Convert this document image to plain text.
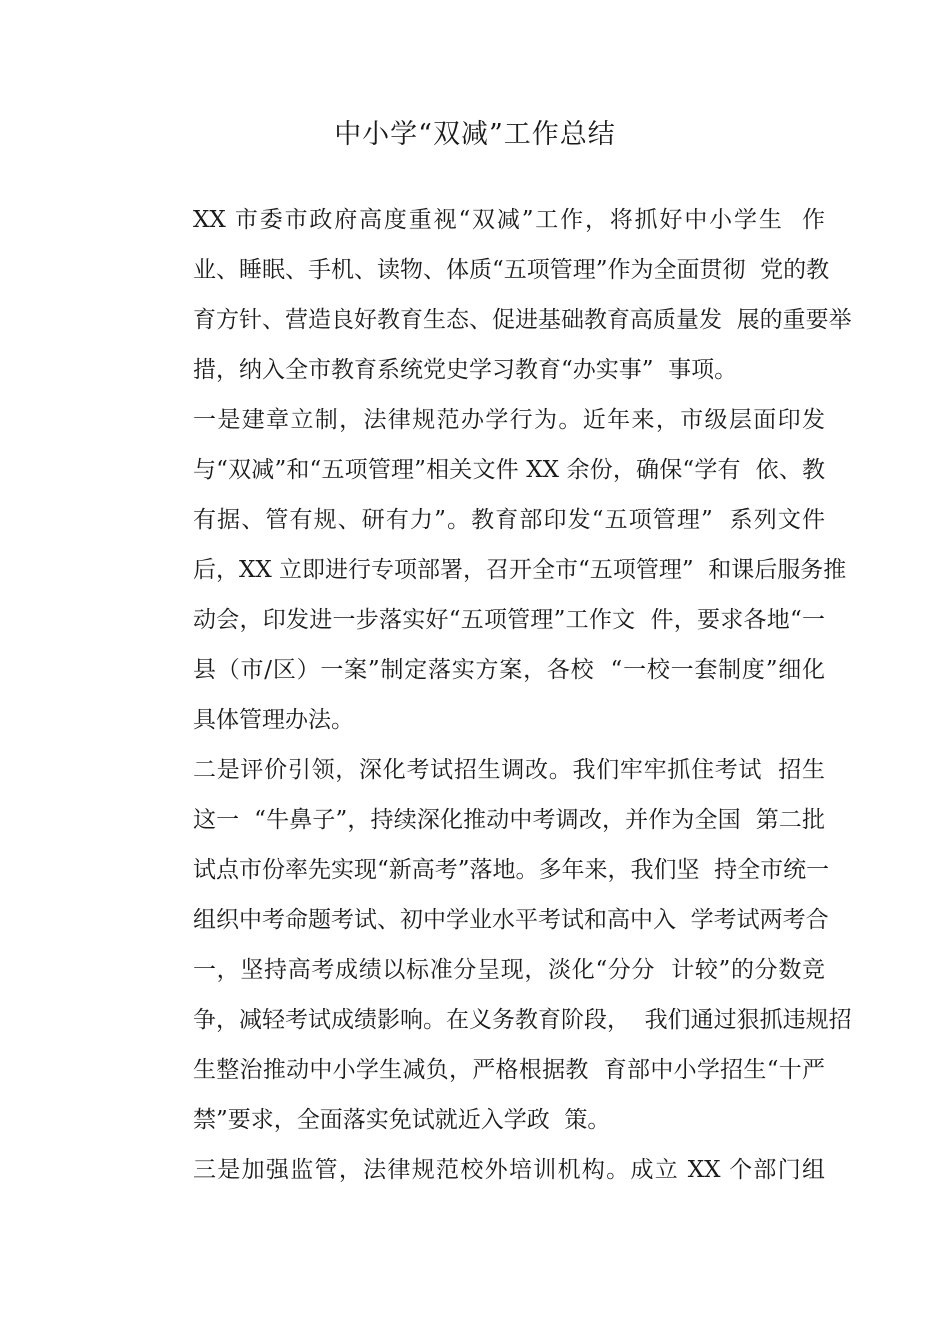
中小学“双减”工作总结

XX 市委市政府高度重视“双减”工作，将抓好中小学生  作
业、睡眠、手机、读物、体质“五项管理”作为全面贯彻  党的教
育方针、营造良好教育生态、促进基础教育高质量发  展的重要举
措，纳入全市教育系统党史学习教育“办实事”  事项。

一是建章立制，法律规范办学行为。近年来，市级层面印发
与“双减”和“五项管理”相关文件 XX 余份，确保“学有  依、教
有据、管有规、研有力”。教育部印发“五项管理”  系列文件
后，XX 立即进行专项部署，召开全市“五项管理”  和课后服务推
动会，印发进一步落实好“五项管理”工作文  件，要求各地“一
县（市/区）一案”制定落实方案，各校  “一校一套制度”细化
具体管理办法。

二是评价引领，深化考试招生调改。我们牢牢抓住考试  招生
这一  “牛鼻子”，持续深化推动中考调改，并作为全国  第二批
试点市份率先实现“新高考”落地。多年来，我们坚  持全市统一
组织中考命题考试、初中学业水平考试和高中入  学考试两考合
一，坚持高考成绩以标准分呈现，淡化“分分  计较”的分数竞
争，减轻考试成绩影响。在义务教育阶段，  我们通过狠抓违规招
生整治推动中小学生减负，严格根据教  育部中小学招生“十严
禁”要求，全面落实免试就近入学政  策。

三是加强监管，法律规范校外培训机构。成立 XX 个部门组
